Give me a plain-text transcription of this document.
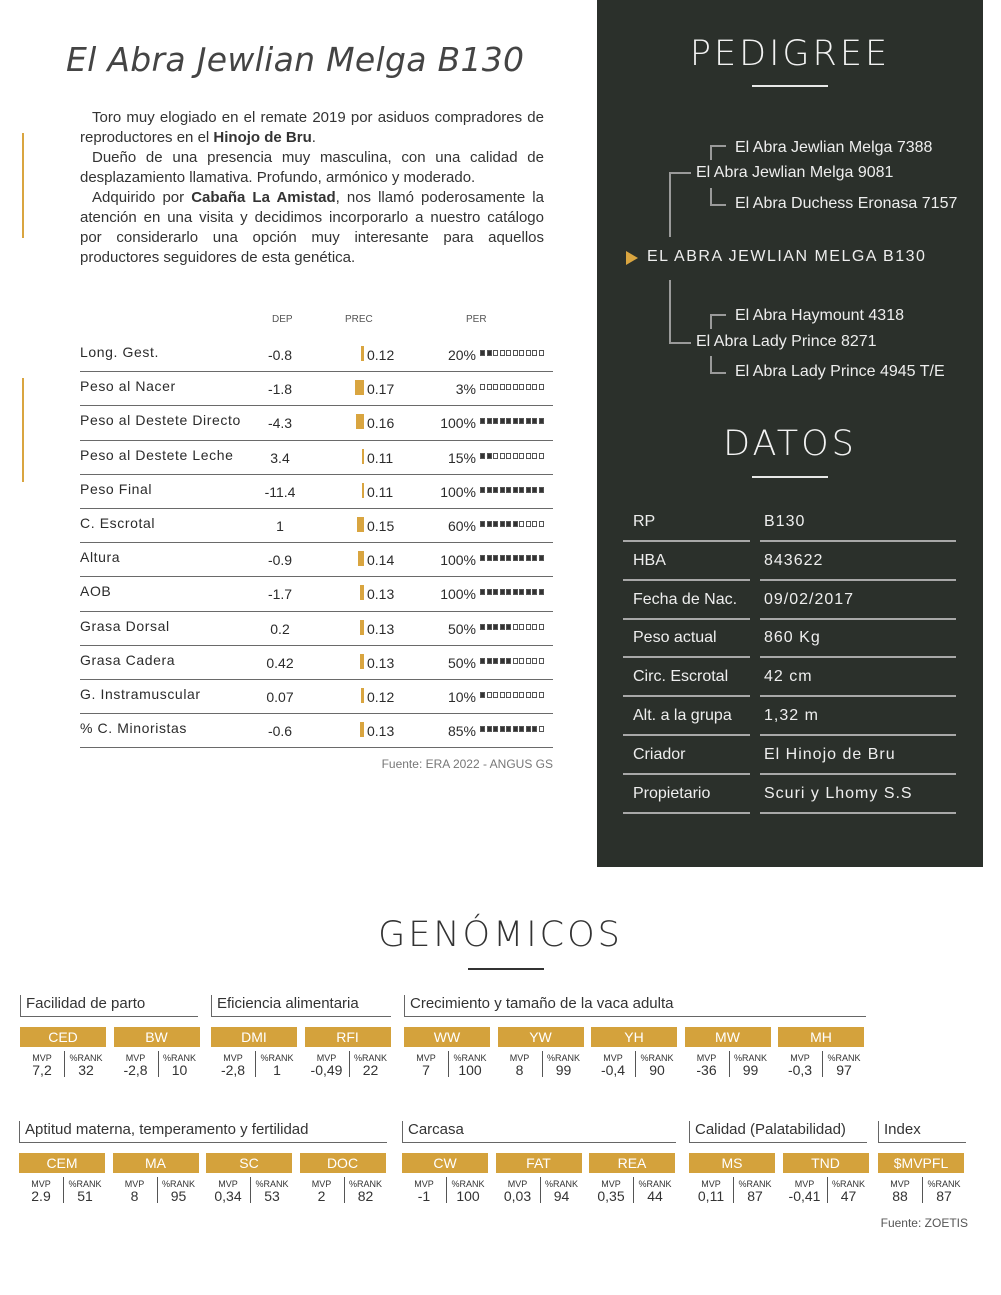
El Abra Jewlian Melga B130

Toro muy elogiado en el remate 2019 por asiduos compradores de reproductores en el Hinojo de Bru.

Dueño de una presencia muy masculina, con una calidad de desplazamiento llamativa. Profundo, armónico y moderado.

Adquirido por Cabaña La Amistad, nos llamó poderosamente la atención en una visita y decidimos incorporarlo a nuestro catálogo por considerarlo una opción muy interesante para aquellos productores seguidores de esta genética.

DEP	PREC	PER
Long. Gest.	-0.8	0.12	20%
Peso al Nacer	-1.8	0.17	3%
Peso al Destete Directo	-4.3	0.16	100%
Peso al Destete Leche	3.4	0.11	15%
Peso Final	-11.4	0.11	100%
C. Escrotal	1	0.15	60%
Altura	-0.9	0.14	100%
AOB	-1.7	0.13	100%
Grasa Dorsal	0.2	0.13	50%
Grasa Cadera	0.42	0.13	50%
G. Instramuscular	0.07	0.12	10%
% C. Minoristas	-0.6	0.13	85%
Fuente: ERA 2022 - ANGUS GS
PEDIGREE
El Abra Jewlian Melga 7388
El Abra Jewlian Melga 9081
El Abra Duchess Eronasa 7157
EL ABRA JEWLIAN MELGA B130
El Abra Haymount 4318
El Abra Lady Prince 8271
El Abra Lady Prince 4945 T/E
DATOS
RP	B130
HBA	843622
Fecha de Nac. 09/02/2017
Peso actual	860 Kg
Circ. Escrotal 42 cm
Alt. a la grupa 1,32 m
Criador	El Hinojo de Bru
Propietario	Scuri y Lhomy S.S
GENÓMICOS
Facilidad de parto
CED
MVP	%RANK
7,2	32
BW
MVP	%RANK
-2,8	10
Eficiencia alimentaria
DMI
MVP	%RANK
-2,8	1
RFI
MVP	%RANK
-0,49	22
Crecimiento y tamaño de la vaca adulta
WW
MVP	%RANK
7	100
YW
MVP	%RANK
8	99
YH
MVP	%RANK
-0,4	90
MW
MVP	%RANK
-36	99
MH
MVP	%RANK
-0,3	97
Aptitud materna, temperamento y fertilidad
CEM
MVP	%RANK
2.9	51
MA
MVP	%RANK
8	95
SC
MVP	%RANK
0,34	53
DOC
MVP	%RANK
2	82
Carcasa
CW
MVP	%RANK
-1	100
FAT
MVP	%RANK
0,03	94
REA
MVP	%RANK
0,35	44
Calidad (Palatabilidad)
MS
MVP	%RANK
0,11	87
TND
MVP	%RANK
-0,41	47
Index
$MVPFL
MVP	%RANK
88	87
Fuente: ZOETIS
